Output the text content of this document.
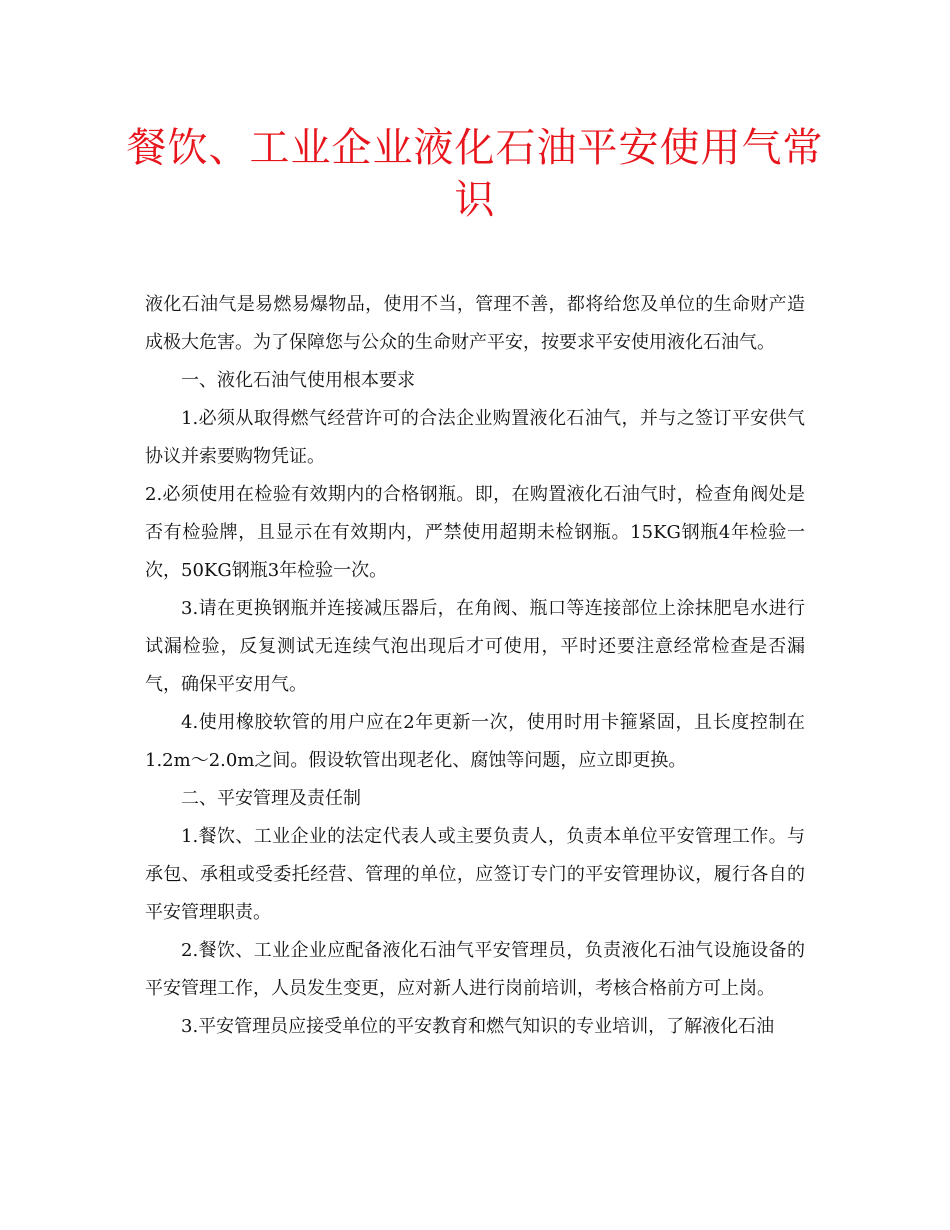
餐饮、工业企业液化石油平安使用气常识

液化石油气是易燃易爆物品，使用不当，管理不善，都将给您及单位的生命财产造成极大危害。为了保障您与公众的生命财产平安，按要求平安使用液化石油气。

一、液化石油气使用根本要求

1.必须从取得燃气经营许可的合法企业购置液化石油气，并与之签订平安供气协议并索要购物凭证。

2.必须使用在检验有效期内的合格钢瓶。即，在购置液化石油气时，检查角阀处是否有检验牌，且显示在有效期内，严禁使用超期未检钢瓶。15KG钢瓶4年检验一次，50KG钢瓶3年检验一次。

3.请在更换钢瓶并连接减压器后，在角阀、瓶口等连接部位上涂抹肥皂水进行试漏检验，反复测试无连续气泡出现后才可使用，平时还要注意经常检查是否漏气，确保平安用气。

4.使用橡胶软管的用户应在2年更新一次，使用时用卡箍紧固，且长度控制在1.2m～2.0m之间。假设软管出现老化、腐蚀等问题，应立即更换。

二、平安管理及责任制

1.餐饮、工业企业的法定代表人或主要负责人，负责本单位平安管理工作。与承包、承租或受委托经营、管理的单位，应签订专门的平安管理协议，履行各自的平安管理职责。

2.餐饮、工业企业应配备液化石油气平安管理员，负责液化石油气设施设备的平安管理工作，人员发生变更，应对新人进行岗前培训，考核合格前方可上岗。

3.平安管理员应接受单位的平安教育和燃气知识的专业培训，了解液化石油
